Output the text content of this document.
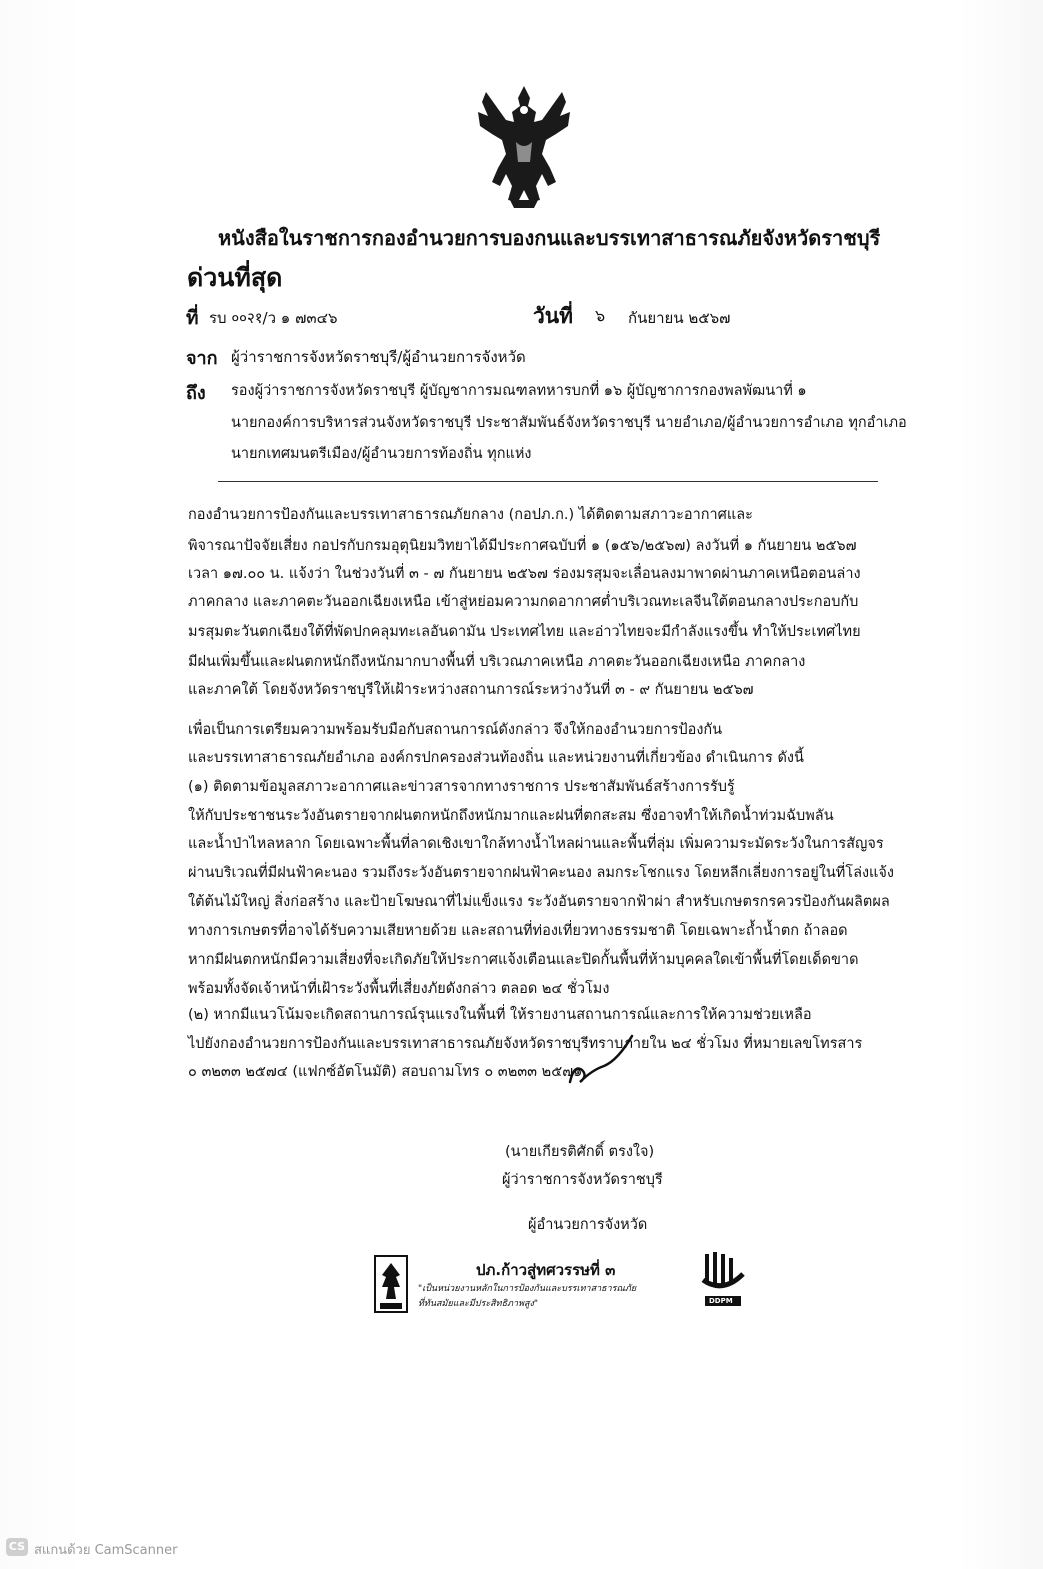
หนังสือในราชการกองอำนวยการบองกนและบรรเทาสาธารณภัยจังหวัดราชบุรี
ด่วนที่สุด
ที่ รบ ००२१/ว ๑ ๗๓๔๖	วันที่ ๖ กันยายน ๒๕๖๗
จาก ผู้ว่าราชการจังหวัดราชบุรี/ผู้อำนวยการจังหวัด
ถึง รองผู้ว่าราชการจังหวัดราชบุรี ผู้บัญชาการมณฑลทหารบกที่ ๑๖ ผู้บัญชาการกองพลพัฒนาที่ ๑
นายกองค์การบริหารส่วนจังหวัดราชบุรี ประชาสัมพันธ์จังหวัดราชบุรี นายอำเภอ/ผู้อำนวยการอำเภอ ทุกอำเภอ
นายกเทศมนตรีเมือง/ผู้อำนวยการท้องถิ่น ทุกแห่ง
กองอำนวยการป้องกันและบรรเทาสาธารณภัยกลาง (กอปภ.ก.) ได้ติดตามสภาวะอากาศและ
พิจารณาปัจจัยเสี่ยง กอปรกับกรมอุตุนิยมวิทยาได้มีประกาศฉบับที่ ๑ (๑๕๖/๒๕๖๗) ลงวันที่ ๑ กันยายน ๒๕๖๗
เวลา ๑๗.๐๐ น. แจ้งว่า ในช่วงวันที่ ๓ - ๗ กันยายน ๒๕๖๗ ร่องมรสุมจะเลื่อนลงมาพาดผ่านภาคเหนือตอนล่าง
ภาคกลาง และภาคตะวันออกเฉียงเหนือ เข้าสู่หย่อมความกดอากาศต่ำบริเวณทะเลจีนใต้ตอนกลางประกอบกับ
มรสุมตะวันตกเฉียงใต้ที่พัดปกคลุมทะเลอันดามัน ประเทศไทย และอ่าวไทยจะมีกำลังแรงขึ้น ทำให้ประเทศไทย
มีฝนเพิ่มขึ้นและฝนตกหนักถึงหนักมากบางพื้นที่ บริเวณภาคเหนือ ภาคตะวันออกเฉียงเหนือ ภาคกลาง
และภาคใต้ โดยจังหวัดราชบุรีให้เฝ้าระหว่างสถานการณ์ระหว่างวันที่ ๓ - ๙ กันยายน ๒๕๖๗
เพื่อเป็นการเตรียมความพร้อมรับมือกับสถานการณ์ดังกล่าว จึงให้กองอำนวยการป้องกัน
และบรรเทาสาธารณภัยอำเภอ องค์กรปกครองส่วนท้องถิ่น และหน่วยงานที่เกี่ยวข้อง ดำเนินการ ดังนี้
(๑) ติดตามข้อมูลสภาวะอากาศและข่าวสารจากทางราชการ ประชาสัมพันธ์สร้างการรับรู้
ให้กับประชาชนระวังอันตรายจากฝนตกหนักถึงหนักมากและฝนที่ตกสะสม ซึ่งอาจทำให้เกิดน้ำท่วมฉับพลัน
และน้ำป่าไหลหลาก โดยเฉพาะพื้นที่ลาดเชิงเขาใกล้ทางน้ำไหลผ่านและพื้นที่ลุ่ม เพิ่มความระมัดระวังในการสัญจร
ผ่านบริเวณที่มีฝนฟ้าคะนอง รวมถึงระวังอันตรายจากฝนฟ้าคะนอง ลมกระโชกแรง โดยหลีกเลี่ยงการอยู่ในที่โล่งแจ้ง
ใต้ต้นไม้ใหญ่ สิ่งก่อสร้าง และป้ายโฆษณาที่ไม่แข็งแรง ระวังอันตรายจากฟ้าผ่า สำหรับเกษตรกรควรป้องกันผลิตผล
ทางการเกษตรที่อาจได้รับความเสียหายด้วย และสถานที่ท่องเที่ยวทางธรรมชาติ โดยเฉพาะถ้ำน้ำตก ถ้าลอด
หากมีฝนตกหนักมีความเสี่ยงที่จะเกิดภัยให้ประกาศแจ้งเตือนและปิดกั้นพื้นที่ห้ามบุคคลใดเข้าพื้นที่โดยเด็ดขาด
พร้อมทั้งจัดเจ้าหน้าที่เฝ้าระวังพื้นที่เสี่ยงภัยดังกล่าว ตลอด ๒๔ ชั่วโมง
(๒) หากมีแนวโน้มจะเกิดสถานการณ์รุนแรงในพื้นที่ ให้รายงานสถานการณ์และการให้ความช่วยเหลือ
ไปยังกองอำนวยการป้องกันและบรรเทาสาธารณภัยจังหวัดราชบุรีทราบภายใน ๒๔ ชั่วโมง ที่หมายเลขโทรสาร
๐ ๓๒๓๓ ๒๕๗๔ (แฟกซ์อัตโนมัติ) สอบถามโทร ๐ ๓๒๓๓ ๒๕๗๑
(นายเกียรติศักดิ์ ตรงใจ)
ผู้ว่าราชการจังหวัดราชบุรี
ผู้อำนวยการจังหวัด
DDPM
ปภ.ก้าวสู่ทศวรรษที่ ๓
"เป็นหน่วยงานหลักในการป้องกันและบรรเทาสาธารณภัย
ที่ทันสมัยและมีประสิทธิภาพสูง"
CS สแกนด้วย CamScanner
